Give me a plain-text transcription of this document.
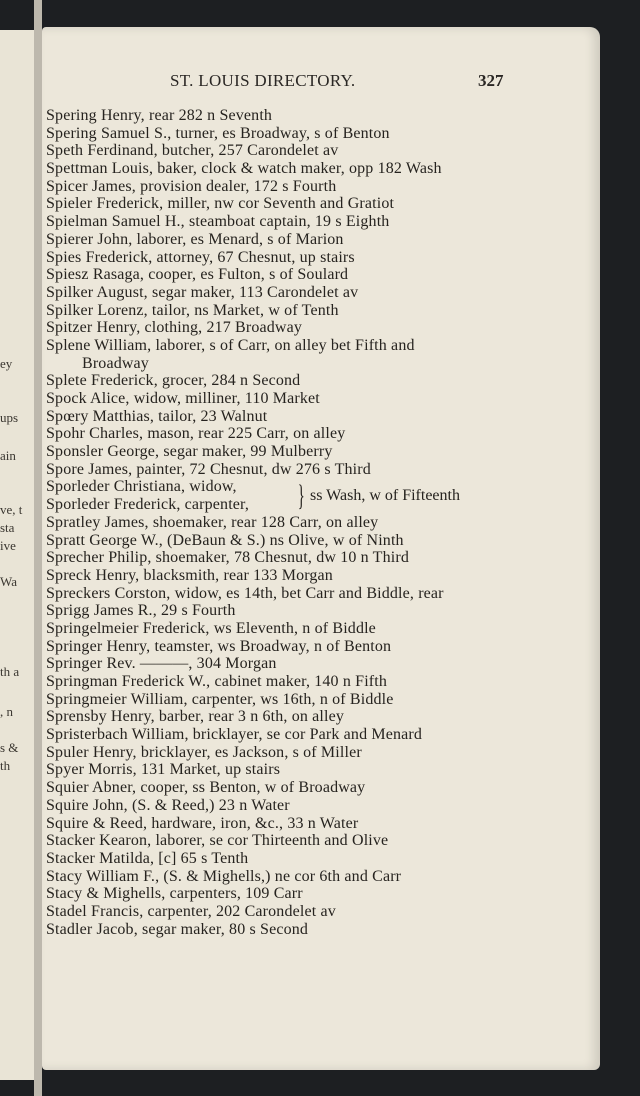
ey
ups
ain
ve, t
sta
ive
Wa
th a
, n
s &
th
ST. LOUIS DIRECTORY.	327
Spering Henry, rear 282 n Seventh
Spering Samuel S., turner, es Broadway, s of Benton
Speth Ferdinand, butcher, 257 Carondelet av
Spettman Louis, baker, clock & watch maker, opp 182 Wash
Spicer James, provision dealer, 172 s Fourth
Spieler Frederick, miller, nw cor Seventh and Gratiot
Spielman Samuel H., steamboat captain, 19 s Eighth
Spierer John, laborer, es Menard, s of Marion
Spies Frederick, attorney, 67 Chesnut, up stairs
Spiesz Rasaga, cooper, es Fulton, s of Soulard
Spilker August, segar maker, 113 Carondelet av
Spilker Lorenz, tailor, ns Market, w of Tenth
Spitzer Henry, clothing, 217 Broadway
Splene William, laborer, s of Carr, on alley bet Fifth and
Broadway
Splete Frederick, grocer, 284 n Second
Spock Alice, widow, milliner, 110 Market
Spœry Matthias, tailor, 23 Walnut
Spohr Charles, mason, rear 225 Carr, on alley
Sponsler George, segar maker, 99 Mulberry
Spore James, painter, 72 Chesnut, dw 276 s Third
Sporleder Christiana, widow,
Sporleder Frederick, carpenter,	} ss Wash, w of Fifteenth
Spratley James, shoemaker, rear 128 Carr, on alley
Spratt George W., (DeBaun & S.) ns Olive, w of Ninth
Sprecher Philip, shoemaker, 78 Chesnut, dw 10 n Third
Spreck Henry, blacksmith, rear 133 Morgan
Spreckers Corston, widow, es 14th, bet Carr and Biddle, rear
Sprigg James R., 29 s Fourth
Springelmeier Frederick, ws Eleventh, n of Biddle
Springer Henry, teamster, ws Broadway, n of Benton
Springer Rev. ———, 304 Morgan
Springman Frederick W., cabinet maker, 140 n Fifth
Springmeier William, carpenter, ws 16th, n of Biddle
Sprensby Henry, barber, rear 3 n 6th, on alley
Spristerbach William, bricklayer, se cor Park and Menard
Spuler Henry, bricklayer, es Jackson, s of Miller
Spyer Morris, 131 Market, up stairs
Squier Abner, cooper, ss Benton, w of Broadway
Squire John, (S. & Reed,) 23 n Water
Squire & Reed, hardware, iron, &c., 33 n Water
Stacker Kearon, laborer, se cor Thirteenth and Olive
Stacker Matilda, [c] 65 s Tenth
Stacy William F., (S. & Mighells,) ne cor 6th and Carr
Stacy & Mighells, carpenters, 109 Carr
Stadel Francis, carpenter, 202 Carondelet av
Stadler Jacob, segar maker, 80 s Second
